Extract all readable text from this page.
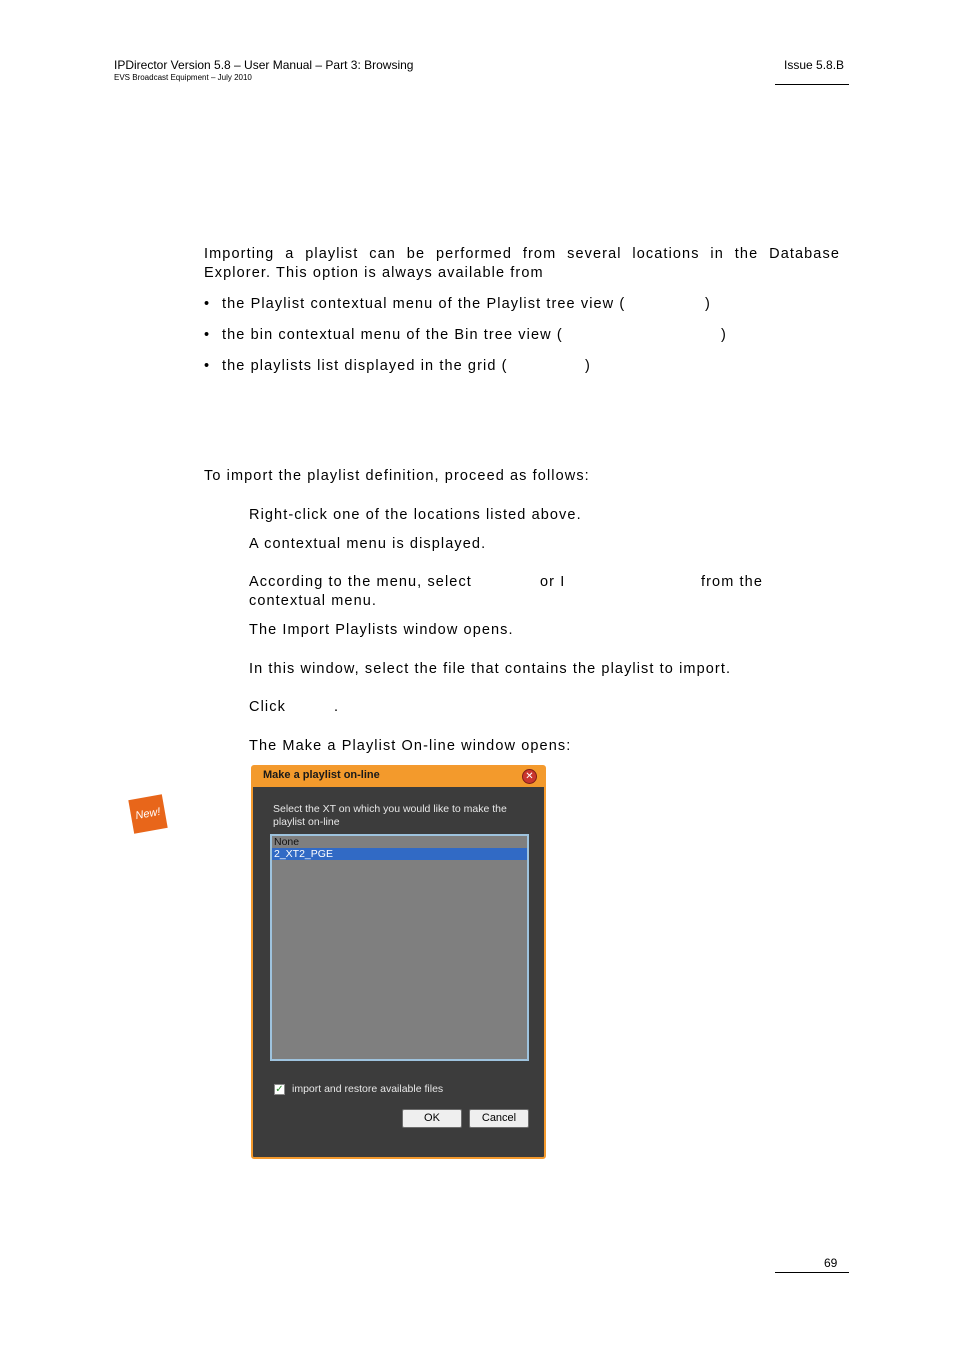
IPDirector Version 5.8 – User Manual – Part 3: Browsing
EVS Broadcast Equipment – July 2010
Issue 5.8.B
Importing a playlist can be performed from several locations in the Database Explorer. This option is always available from
• the Playlist contextual menu of the Playlist tree view (	)
• the bin contextual menu of the Bin tree view (	)
• the playlists list displayed in the grid (	)
To import the playlist definition, proceed as follows:
Right-click one of the locations listed above.
A contextual menu is displayed.
According to the menu, select	or I	from the
contextual menu.
The Import Playlists window opens.
In this window, select the file that contains the playlist to import.
Click	.
The Make a Playlist On-line window opens:
New!
Make a playlist on-line	✕
Select the XT on which you would like to make the playlist on-line
None
2_XT2_PGE
✓ import and restore available files
OK	Cancel
69
